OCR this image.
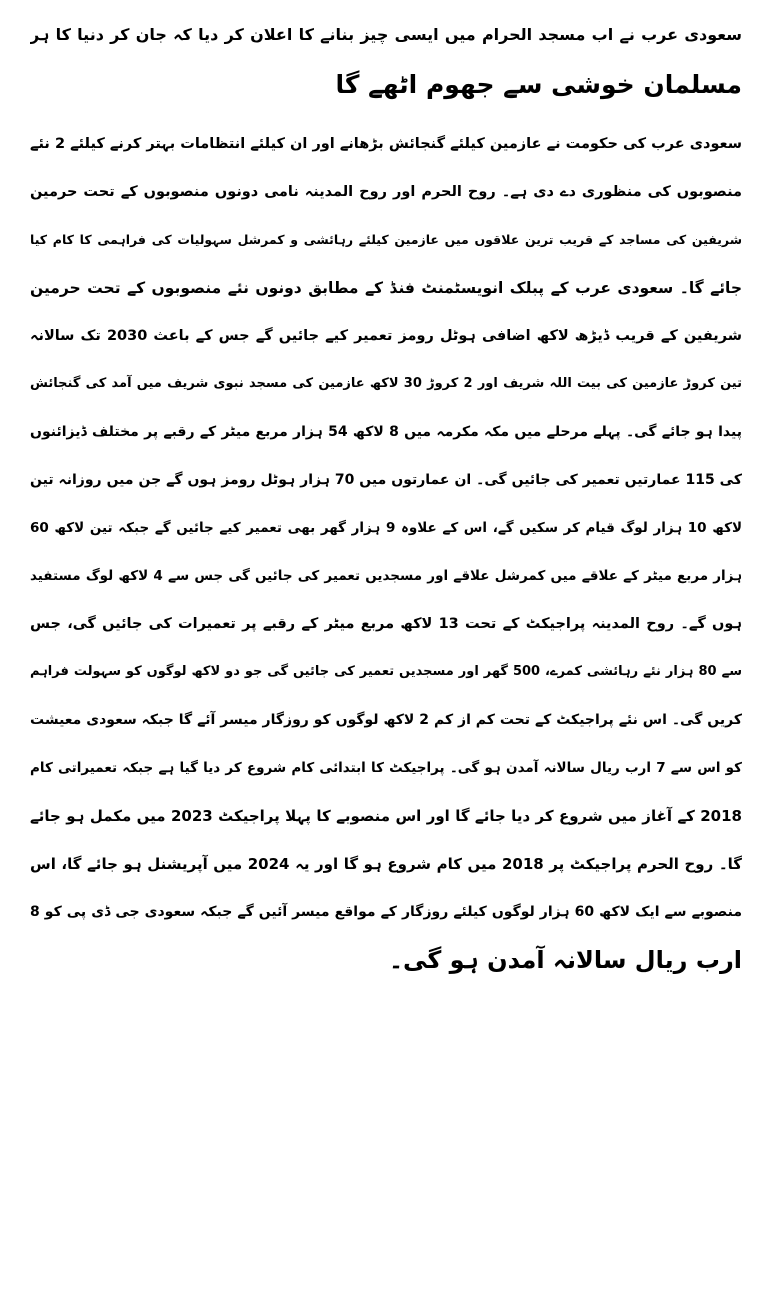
سعودی عرب نے اب مسجد الحرام میں ایسی چیز بنانے کا اعلان کر دیا کہ جان کر دنیا کا ہر
مسلمان خوشی سے جھوم اٹھے گا
سعودی عرب کی حکومت نے عازمین کیلئے گنجائش بڑھانے اور ان کیلئے انتظامات بہتر کرنے کیلئے 2 نئے
منصوبوں کی منظوری دے دی ہے۔ روح الحرم اور روح المدینہ نامی دونوں منصوبوں کے تحت حرمین
شریفین کی مساجد کے قریب ترین علاقوں میں عازمین کیلئے رہائشی و کمرشل سہولیات کی فراہمی کا کام کیا
جائے گا۔ سعودی عرب کے پبلک انویسٹمنٹ فنڈ کے مطابق دونوں نئے منصوبوں کے تحت حرمین
شریفین کے قریب ڈیڑھ لاکھ اضافی ہوٹل رومز تعمیر کیے جائیں گے جس کے باعث 2030 تک سالانہ
تین کروڑ عازمین کی بیت اللہ شریف اور 2 کروڑ 30 لاکھ عازمین کی مسجد نبوی شریف میں آمد کی گنجائش
پیدا ہو جائے گی۔ پہلے مرحلے میں مکہ مکرمہ میں 8 لاکھ 54 ہزار مربع میٹر کے رقبے پر مختلف ڈیزائنوں
کی 115 عمارتیں تعمیر کی جائیں گی۔ ان عمارتوں میں 70 ہزار ہوٹل رومز ہوں گے جن میں روزانہ تین
لاکھ 10 ہزار لوگ قیام کر سکیں گے، اس کے علاوہ 9 ہزار گھر بھی تعمیر کیے جائیں گے جبکہ تین لاکھ 60
ہزار مربع میٹر کے علاقے میں کمرشل علاقے اور مسجدیں تعمیر کی جائیں گی جس سے 4 لاکھ لوگ مستفید
ہوں گے۔ روح المدینہ پراجیکٹ کے تحت 13 لاکھ مربع میٹر کے رقبے پر تعمیرات کی جائیں گی، جس
سے 80 ہزار نئے رہائشی کمرے، 500 گھر اور مسجدیں تعمیر کی جائیں گی جو دو لاکھ لوگوں کو سہولت فراہم
کریں گی۔ اس نئے پراجیکٹ کے تحت کم از کم 2 لاکھ لوگوں کو روزگار میسر آئے گا جبکہ سعودی معیشت
کو اس سے 7 ارب ریال سالانہ آمدن ہو گی۔ پراجیکٹ کا ابتدائی کام شروع کر دیا گیا ہے جبکہ تعمیراتی کام
2018 کے آغاز میں شروع کر دیا جائے گا اور اس منصوبے کا پہلا پراجیکٹ 2023 میں مکمل ہو جائے
گا۔ روح الحرم پراجیکٹ پر 2018 میں کام شروع ہو گا اور یہ 2024 میں آپریشنل ہو جائے گا، اس
منصوبے سے ایک لاکھ 60 ہزار لوگوں کیلئے روزگار کے مواقع میسر آئیں گے جبکہ سعودی جی ڈی پی کو 8
ارب ریال سالانہ آمدن ہو گی۔
